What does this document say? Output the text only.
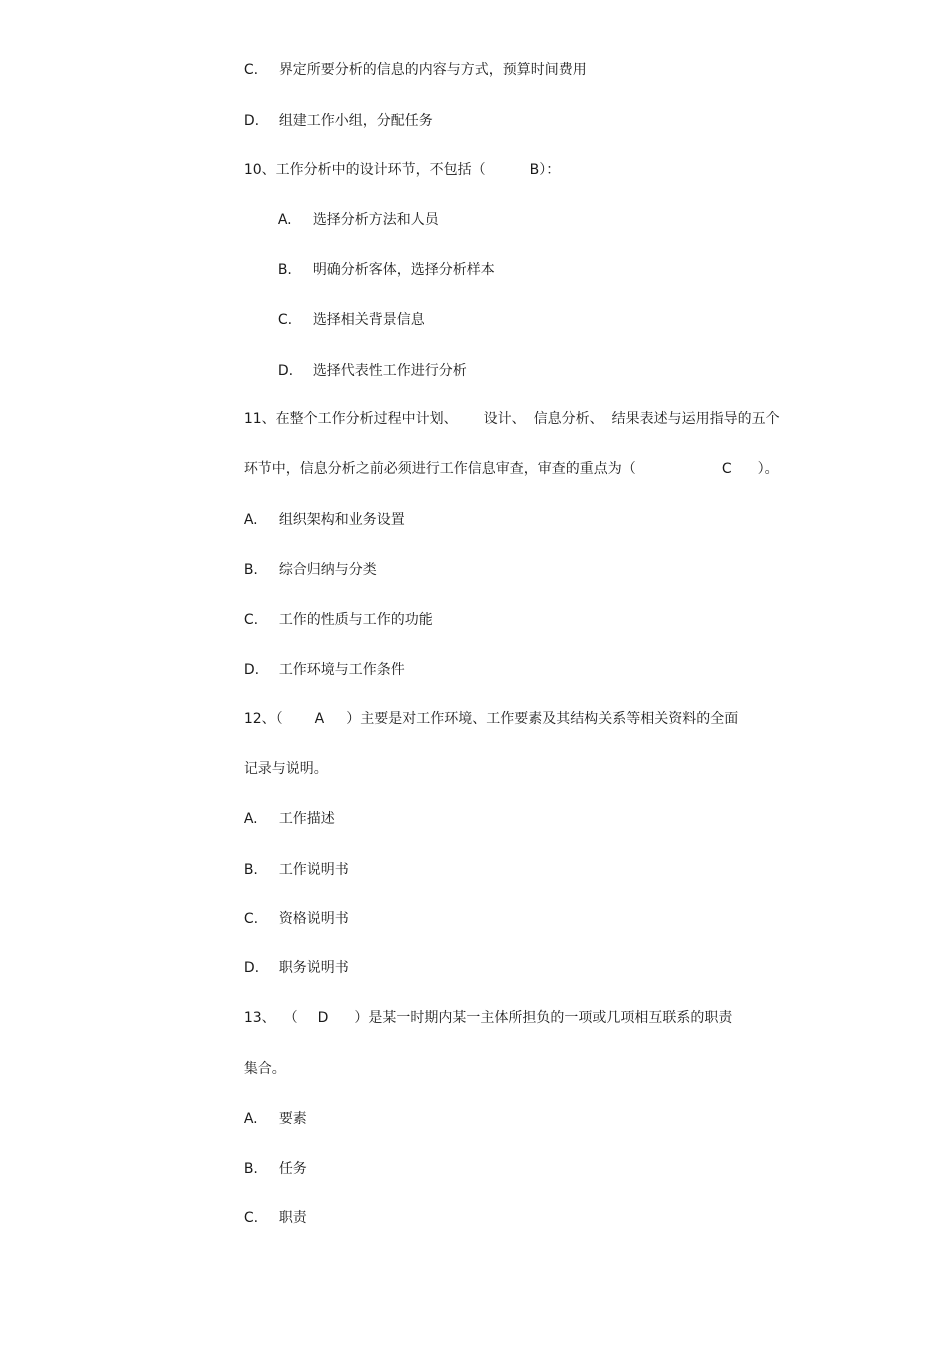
C. 界定所要分析的信息的内容与方式，预算时间费用

D. 组建工作小组，分配任务

10、工作分析中的设计环节，不包括（	B）：

A. 选择分析方法和人员

B. 明确分析客体，选择分析样本

C. 选择相关背景信息

D. 选择代表性工作进行分析

11、在整个工作分析过程中计划、 设计、 信息分析、 结果表述与运用指导的五个

环节中，信息分析之前必须进行工作信息审查，审查的重点为（	C ）。

A. 组织架构和业务设置

B. 综合归纳与分类

C. 工作的性质与工作的功能

D. 工作环境与工作条件

12、（ A ）主要是对工作环境、工作要素及其结构关系等相关资料的全面

记录与说明。

A. 工作描述

B. 工作说明书

C. 资格说明书

D. 职务说明书

13、 （ D ）是某一时期内某一主体所担负的一项或几项相互联系的职责

集合。

A. 要素

B. 任务

C. 职责
